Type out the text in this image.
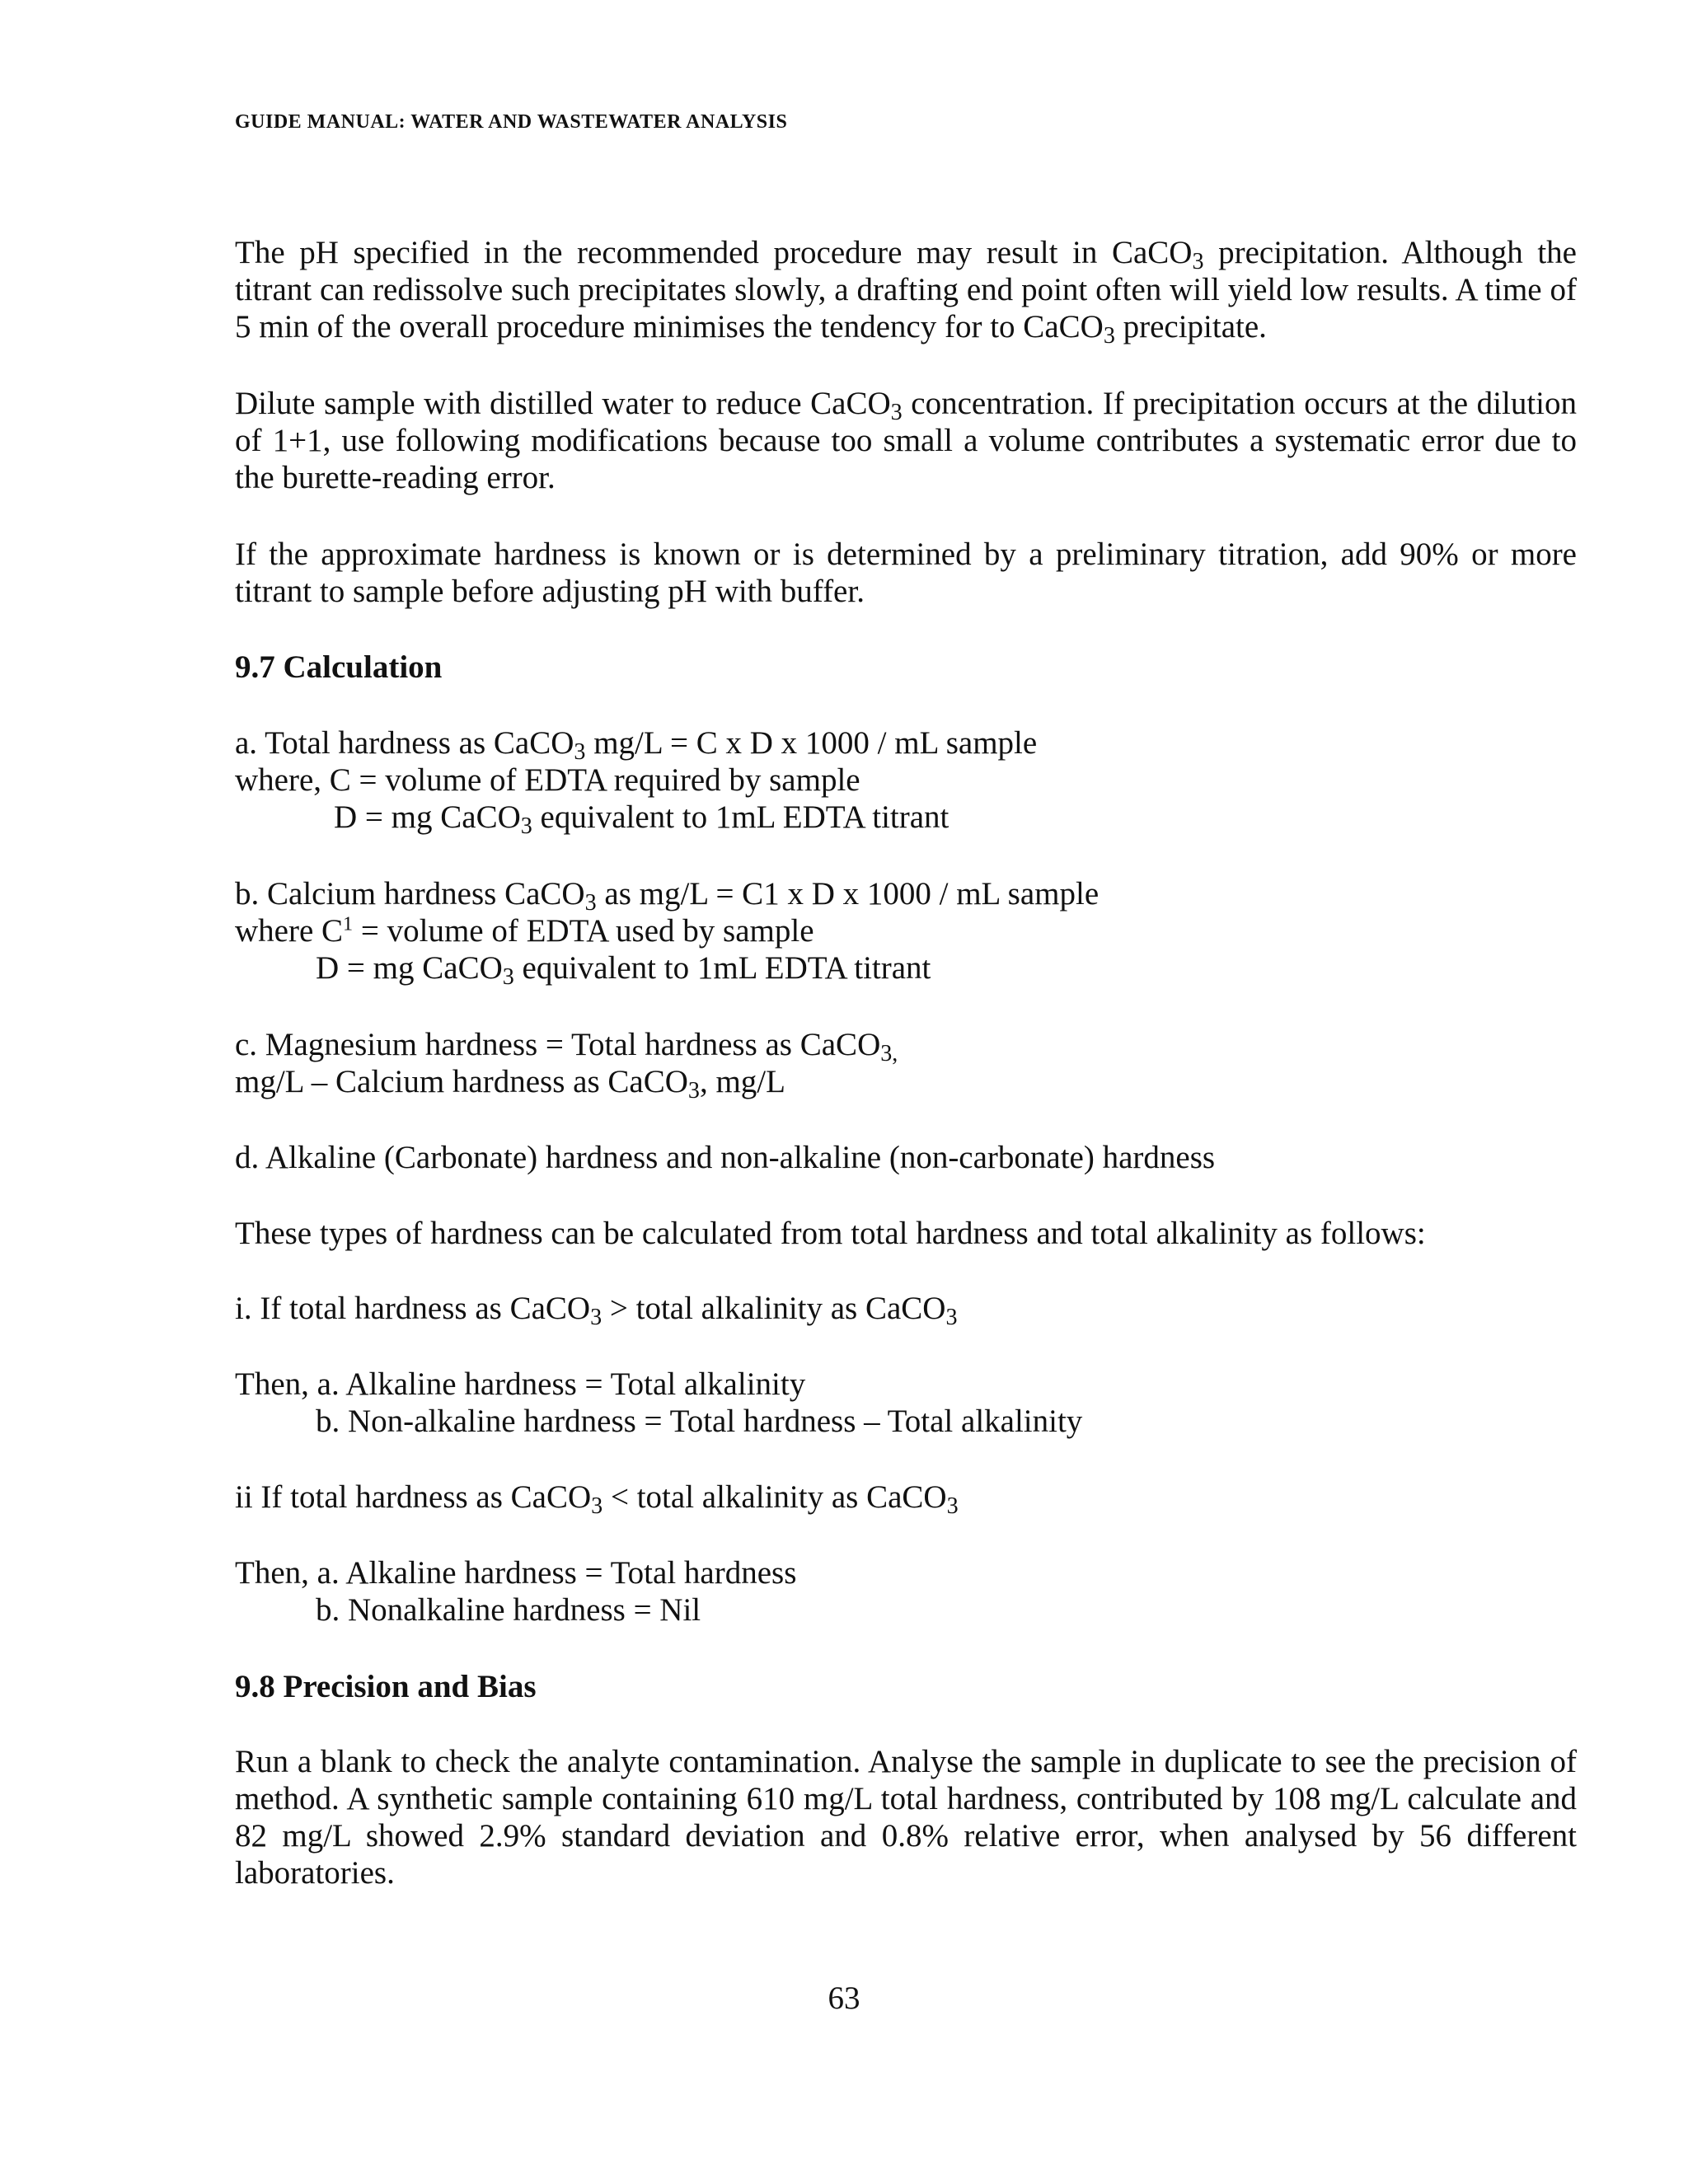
GUIDE MANUAL: WATER AND WASTEWATER ANALYSIS
The pH specified in the recommended procedure may result in CaCO$_3$ precipitation. Although the titrant can redissolve such precipitates slowly, a drafting end point often will yield low results. A time of 5 min of the overall procedure minimises the tendency for to CaCO$_3$ precipitate.
Dilute sample with distilled water to reduce CaCO$_3$ concentration. If precipitation occurs at the dilution of 1+1, use following modifications because too small a volume contributes a systematic error due to the burette-reading error.
If the approximate hardness is known or is determined by a preliminary titration, add 90% or more titrant to sample before adjusting pH with buffer.
9.7 Calculation
a. Total hardness as CaCO$_3$ mg/L = C x D x 1000 / mL sample
where, C = volume of EDTA required by sample
D = mg CaCO$_3$ equivalent to 1mL EDTA titrant
b. Calcium hardness CaCO$_3$ as mg/L = C1 x D x 1000 / mL sample
where $C^1$ = volume of EDTA used by sample
D = mg CaCO$_3$ equivalent to 1mL EDTA titrant
c. Magnesium hardness = Total hardness as CaCO$_{3,}$
mg/L – Calcium hardness as CaCO$_3$, mg/L
d. Alkaline (Carbonate) hardness and non-alkaline (non-carbonate) hardness
These types of hardness can be calculated from total hardness and total alkalinity as follows:
i. If total hardness as CaCO$_3$ > total alkalinity as CaCO$_3$
Then, a. Alkaline hardness = Total alkalinity
b. Non-alkaline hardness = Total hardness – Total alkalinity
ii If total hardness as CaCO$_3$ < total alkalinity as CaCO$_3$
Then, a. Alkaline hardness = Total hardness
b. Nonalkaline hardness = Nil
9.8 Precision and Bias
Run a blank to check the analyte contamination. Analyse the sample in duplicate to see the precision of method. A synthetic sample containing 610 mg/L total hardness, contributed by 108 mg/L calculate and 82 mg/L showed 2.9% standard deviation and 0.8% relative error, when analysed by 56 different laboratories.
63
